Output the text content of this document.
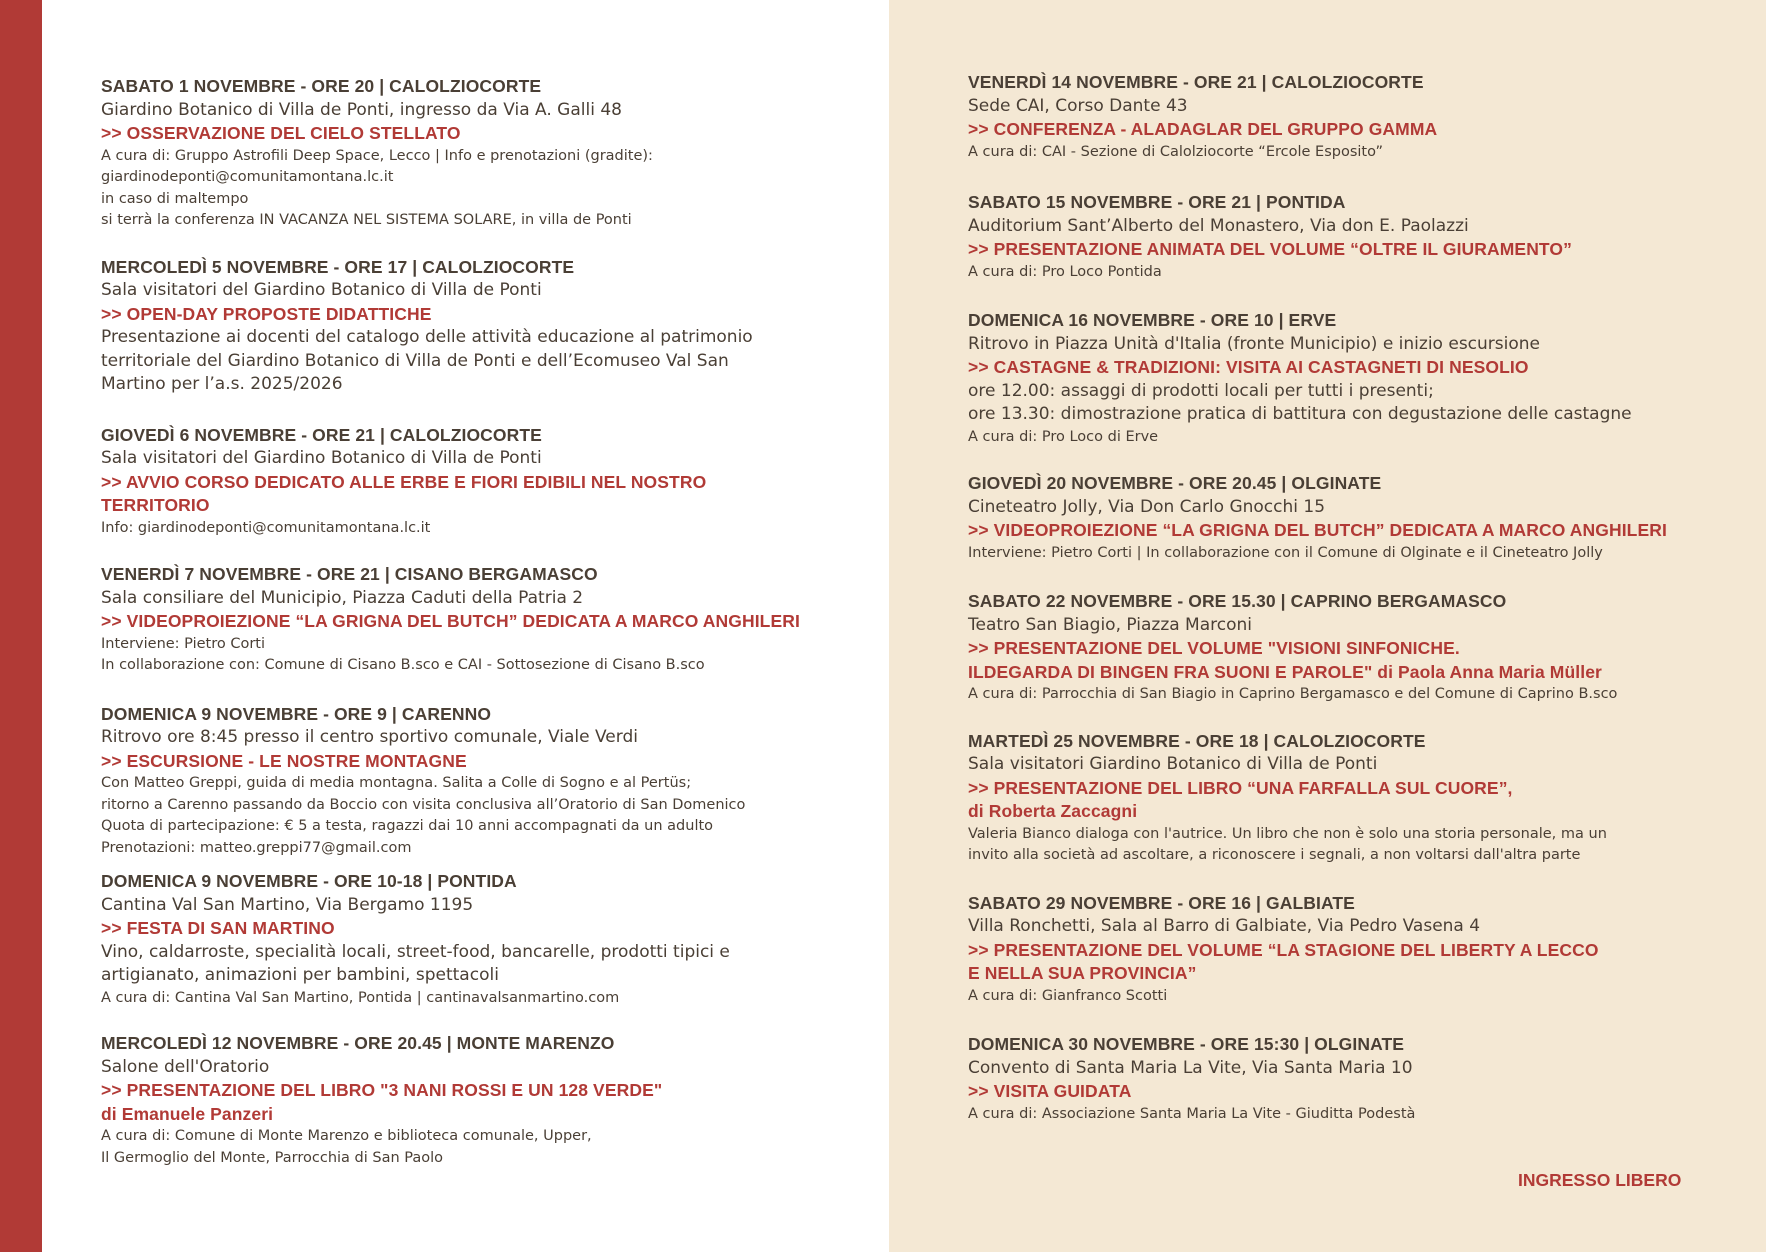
SABATO 1 NOVEMBRE - ORE 20 | CALOLZIOCORTE
Giardino Botanico di Villa de Ponti, ingresso da Via A. Galli 48
>> OSSERVAZIONE DEL CIELO STELLATO
A cura di: Gruppo Astrofili Deep Space, Lecco | Info e prenotazioni (gradite):
giardinodeponti@comunitamontana.lc.it
in caso di maltempo
si terrà la conferenza IN VACANZA NEL SISTEMA SOLARE, in villa de Ponti
MERCOLEDÌ 5 NOVEMBRE - ORE 17 | CALOLZIOCORTE
Sala visitatori del Giardino Botanico di Villa de Ponti
>> OPEN-DAY PROPOSTE DIDATTICHE
Presentazione ai docenti del catalogo delle attività educazione al patrimonio
territoriale del Giardino Botanico di Villa de Ponti e dell’Ecomuseo Val San
Martino per l’a.s. 2025/2026
GIOVEDÌ 6 NOVEMBRE - ORE 21 | CALOLZIOCORTE
Sala visitatori del Giardino Botanico di Villa de Ponti
>> AVVIO CORSO DEDICATO ALLE ERBE E FIORI EDIBILI NEL NOSTRO
TERRITORIO
Info: giardinodeponti@comunitamontana.lc.it
VENERDÌ 7 NOVEMBRE - ORE 21 | CISANO BERGAMASCO
Sala consiliare del Municipio, Piazza Caduti della Patria 2
>> VIDEOPROIEZIONE “LA GRIGNA DEL BUTCH” DEDICATA A MARCO ANGHILERI
Interviene: Pietro Corti
In collaborazione con: Comune di Cisano B.sco e CAI - Sottosezione di Cisano B.sco
DOMENICA 9 NOVEMBRE - ORE 9 | CARENNO
Ritrovo ore 8:45 presso il centro sportivo comunale, Viale Verdi
>> ESCURSIONE - LE NOSTRE MONTAGNE
Con Matteo Greppi, guida di media montagna. Salita a Colle di Sogno e al Pertüs;
ritorno a Carenno passando da Boccio con visita conclusiva all’Oratorio di San Domenico
Quota di partecipazione: € 5 a testa, ragazzi dai 10 anni accompagnati da un adulto
Prenotazioni: matteo.greppi77@gmail.com
DOMENICA 9 NOVEMBRE - ORE 10-18 | PONTIDA
Cantina Val San Martino, Via Bergamo 1195
>> FESTA DI SAN MARTINO
Vino, caldarroste, specialità locali, street-food, bancarelle, prodotti tipici e
artigianato, animazioni per bambini, spettacoli
A cura di: Cantina Val San Martino, Pontida | cantinavalsanmartino.com
MERCOLEDÌ 12 NOVEMBRE - ORE 20.45 | MONTE MARENZO
Salone dell'Oratorio
>> PRESENTAZIONE DEL LIBRO "3 NANI ROSSI E UN 128 VERDE"
di Emanuele Panzeri
A cura di: Comune di Monte Marenzo e biblioteca comunale, Upper,
Il Germoglio del Monte, Parrocchia di San Paolo
VENERDÌ 14 NOVEMBRE - ORE 21 | CALOLZIOCORTE
Sede CAI, Corso Dante 43
>> CONFERENZA - ALADAGLAR DEL GRUPPO GAMMA
A cura di: CAI - Sezione di Calolziocorte “Ercole Esposito”
SABATO 15 NOVEMBRE - ORE 21 | PONTIDA
Auditorium Sant’Alberto del Monastero, Via don E. Paolazzi
>> PRESENTAZIONE ANIMATA DEL VOLUME “OLTRE IL GIURAMENTO”
A cura di: Pro Loco Pontida
DOMENICA 16 NOVEMBRE - ORE 10 | ERVE
Ritrovo in Piazza Unità d'Italia (fronte Municipio) e inizio escursione
>> CASTAGNE & TRADIZIONI: VISITA AI CASTAGNETI DI NESOLIO
ore 12.00: assaggi di prodotti locali per tutti i presenti;
ore 13.30: dimostrazione pratica di battitura con degustazione delle castagne
A cura di: Pro Loco di Erve
GIOVEDÌ 20 NOVEMBRE - ORE 20.45 | OLGINATE
Cineteatro Jolly, Via Don Carlo Gnocchi 15
>> VIDEOPROIEZIONE “LA GRIGNA DEL BUTCH” DEDICATA A MARCO ANGHILERI
Interviene: Pietro Corti | In collaborazione con il Comune di Olginate e il Cineteatro Jolly
SABATO 22 NOVEMBRE - ORE 15.30 | CAPRINO BERGAMASCO
Teatro San Biagio, Piazza Marconi
>> PRESENTAZIONE DEL VOLUME "VISIONI SINFONICHE.
ILDEGARDA DI BINGEN FRA SUONI E PAROLE" di Paola Anna Maria Müller
A cura di: Parrocchia di San Biagio in Caprino Bergamasco e del Comune di Caprino B.sco
MARTEDÌ 25 NOVEMBRE - ORE 18 | CALOLZIOCORTE
Sala visitatori Giardino Botanico di Villa de Ponti
>> PRESENTAZIONE DEL LIBRO “UNA FARFALLA SUL CUORE”,
di Roberta Zaccagni
Valeria Bianco dialoga con l'autrice. Un libro che non è solo una storia personale, ma un
invito alla società ad ascoltare, a riconoscere i segnali, a non voltarsi dall'altra parte
SABATO 29 NOVEMBRE - ORE 16 | GALBIATE
Villa Ronchetti, Sala al Barro di Galbiate, Via Pedro Vasena 4
>> PRESENTAZIONE DEL VOLUME “LA STAGIONE DEL LIBERTY A LECCO
E NELLA SUA PROVINCIA”
A cura di: Gianfranco Scotti
DOMENICA 30 NOVEMBRE - ORE 15:30 | OLGINATE
Convento di Santa Maria La Vite, Via Santa Maria 10
>> VISITA GUIDATA
A cura di: Associazione Santa Maria La Vite - Giuditta Podestà
INGRESSO LIBERO
